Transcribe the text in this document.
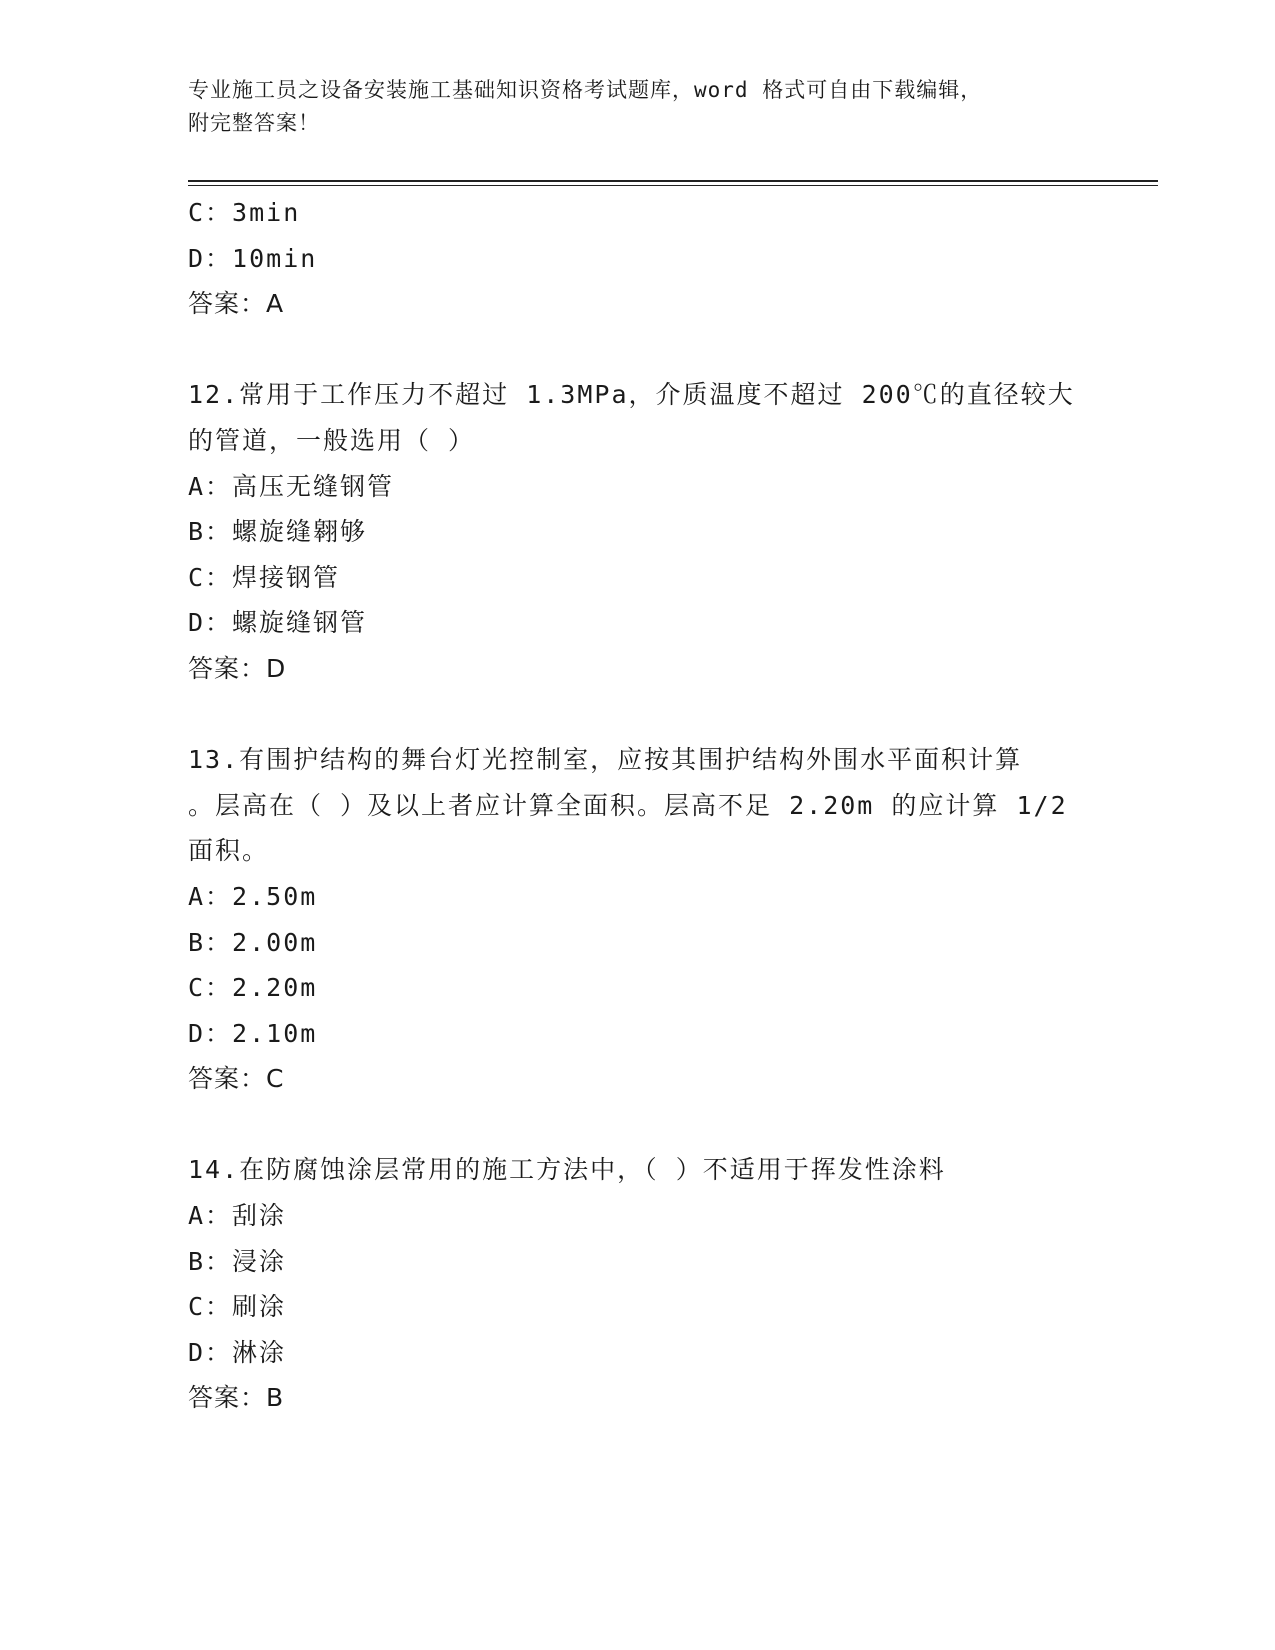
专业施工员之设备安装施工基础知识资格考试题库，word 格式可自由下载编辑，
附完整答案！
C：3min
D：10min
答案：A
12.常用于工作压力不超过 1.3MPa，介质温度不超过 200℃的直径较大
的管道，一般选用（ ）
A：高压无缝钢管
B：螺旋缝翱够
C：焊接钢管
D：螺旋缝钢管
答案：D
13.有围护结构的舞台灯光控制室，应按其围护结构外围水平面积计算
。层高在（ ）及以上者应计算全面积。层高不足 2.20m 的应计算 1/2
面积。
A：2.50m
B：2.00m
C：2.20m
D：2.10m
答案：C
14.在防腐蚀涂层常用的施工方法中，（ ）不适用于挥发性涂料
A：刮涂
B：浸涂
C：刷涂
D：淋涂
答案：B
